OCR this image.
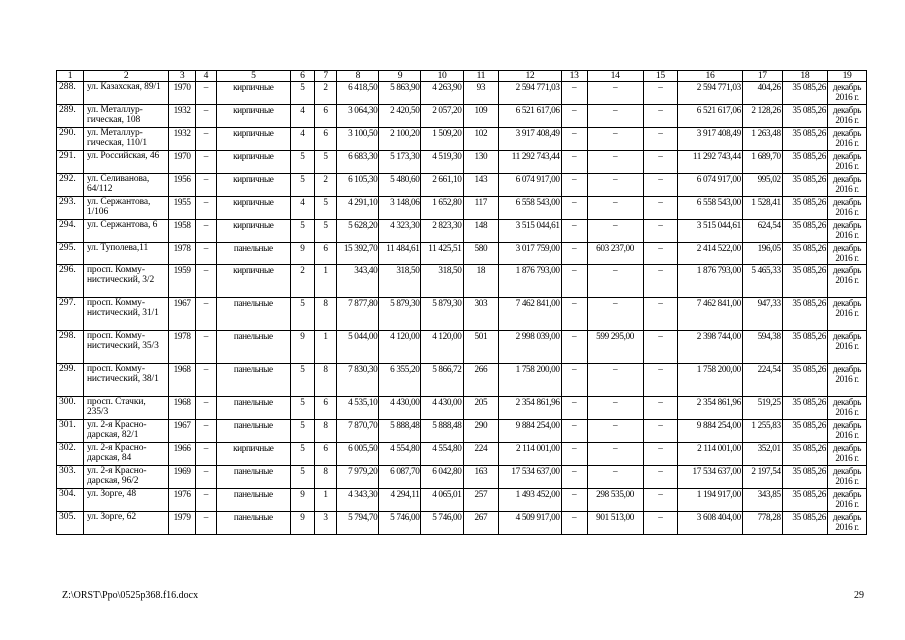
1	2	3	4	5	6	7	8	9	10	11	12	13	14	15	16	17	18	19
288.	ул. Казахская, 89/1	1970	–	кирпичные	5	2	6 418,50	5 863,90	4 263,90	93	2 594 771,03	–	–	–	2 594 771,03	404,26	35 085,26	декабрь 2016 г.
289.	ул. Металлур-гическая, 108	1932	–	кирпичные	4	6	3 064,30	2 420,50	2 057,20	109	6 521 617,06	–	–	–	6 521 617,06	2 128,26	35 085,26	декабрь 2016 г.
290.	ул. Металлур-гическая, 110/1	1932	–	кирпичные	4	6	3 100,50	2 100,20	1 509,20	102	3 917 408,49	–	–	–	3 917 408,49	1 263,48	35 085,26	декабрь 2016 г.
291.	ул. Российская, 46	1970	–	кирпичные	5	5	6 683,30	5 173,30	4 519,30	130	11 292 743,44	–	–	–	11 292 743,44	1 689,70	35 085,26	декабрь 2016 г.
292.	ул. Селиванова, 64/112	1956	–	кирпичные	5	2	6 105,30	5 480,60	2 661,10	143	6 074 917,00	–	–	–	6 074 917,00	995,02	35 085,26	декабрь 2016 г.
293.	ул. Сержантова, 1/106	1955	–	кирпичные	4	5	4 291,10	3 148,06	1 652,80	117	6 558 543,00	–	–	–	6 558 543,00	1 528,41	35 085,26	декабрь 2016 г.
294.	ул. Сержантова, 6	1958	–	кирпичные	5	5	5 628,20	4 323,30	2 823,30	148	3 515 044,61	–	–	–	3 515 044,61	624,54	35 085,26	декабрь 2016 г.
295.	ул. Туполева,11	1978	–	панельные	9	6	15 392,70	11 484,61	11 425,51	580	3 017 759,00	–	603 237,00	–	2 414 522,00	196,05	35 085,26	декабрь 2016 г.
296.	просп. Комму-нистический, 3/2	1959	–	кирпичные	2	1	343,40	318,50	318,50	18	1 876 793,00	–	–	–	1 876 793,00	5 465,33	35 085,26	декабрь 2016 г.
297.	просп. Комму-нистический, 31/1	1967	–	панельные	5	8	7 877,80	5 879,30	5 879,30	303	7 462 841,00	–	–	–	7 462 841,00	947,33	35 085,26	декабрь 2016 г.
298.	просп. Комму-нистический, 35/3	1978	–	панельные	9	1	5 044,00	4 120,00	4 120,00	501	2 998 039,00	–	599 295,00	–	2 398 744,00	594,38	35 085,26	декабрь 2016 г.
299.	просп. Комму-нистический, 38/1	1968	–	панельные	5	8	7 830,30	6 355,20	5 866,72	266	1 758 200,00	–	–	–	1 758 200,00	224,54	35 085,26	декабрь 2016 г.
300.	просп. Стачки, 235/3	1968	–	панельные	5	6	4 535,10	4 430,00	4 430,00	205	2 354 861,96	–	–	–	2 354 861,96	519,25	35 085,26	декабрь 2016 г.
301.	ул. 2-я Красно-дарская, 82/1	1967	–	панельные	5	8	7 870,70	5 888,48	5 888,48	290	9 884 254,00	–	–	–	9 884 254,00	1 255,83	35 085,26	декабрь 2016 г.
302.	ул. 2-я Красно-дарская, 84	1966	–	кирпичные	5	6	6 005,50	4 554,80	4 554,80	224	2 114 001,00	–	–	–	2 114 001,00	352,01	35 085,26	декабрь 2016 г.
303.	ул. 2-я Красно-дарская, 96/2	1969	–	панельные	5	8	7 979,20	6 087,70	6 042,80	163	17 534 637,00	–	–	–	17 534 637,00	2 197,54	35 085,26	декабрь 2016 г.
304.	ул. Зорге, 48	1976	–	панельные	9	1	4 343,30	4 294,11	4 065,01	257	1 493 452,00	–	298 535,00	–	1 194 917,00	343,85	35 085,26	декабрь 2016 г.
305.	ул. Зорге, 62	1979	–	панельные	9	3	5 794,70	5 746,00	5 746,00	267	4 509 917,00	–	901 513,00	–	3 608 404,00	778,28	35 085,26	декабрь 2016 г.
Z:\ORST\Ppo\0525p368.f16.docx	29
